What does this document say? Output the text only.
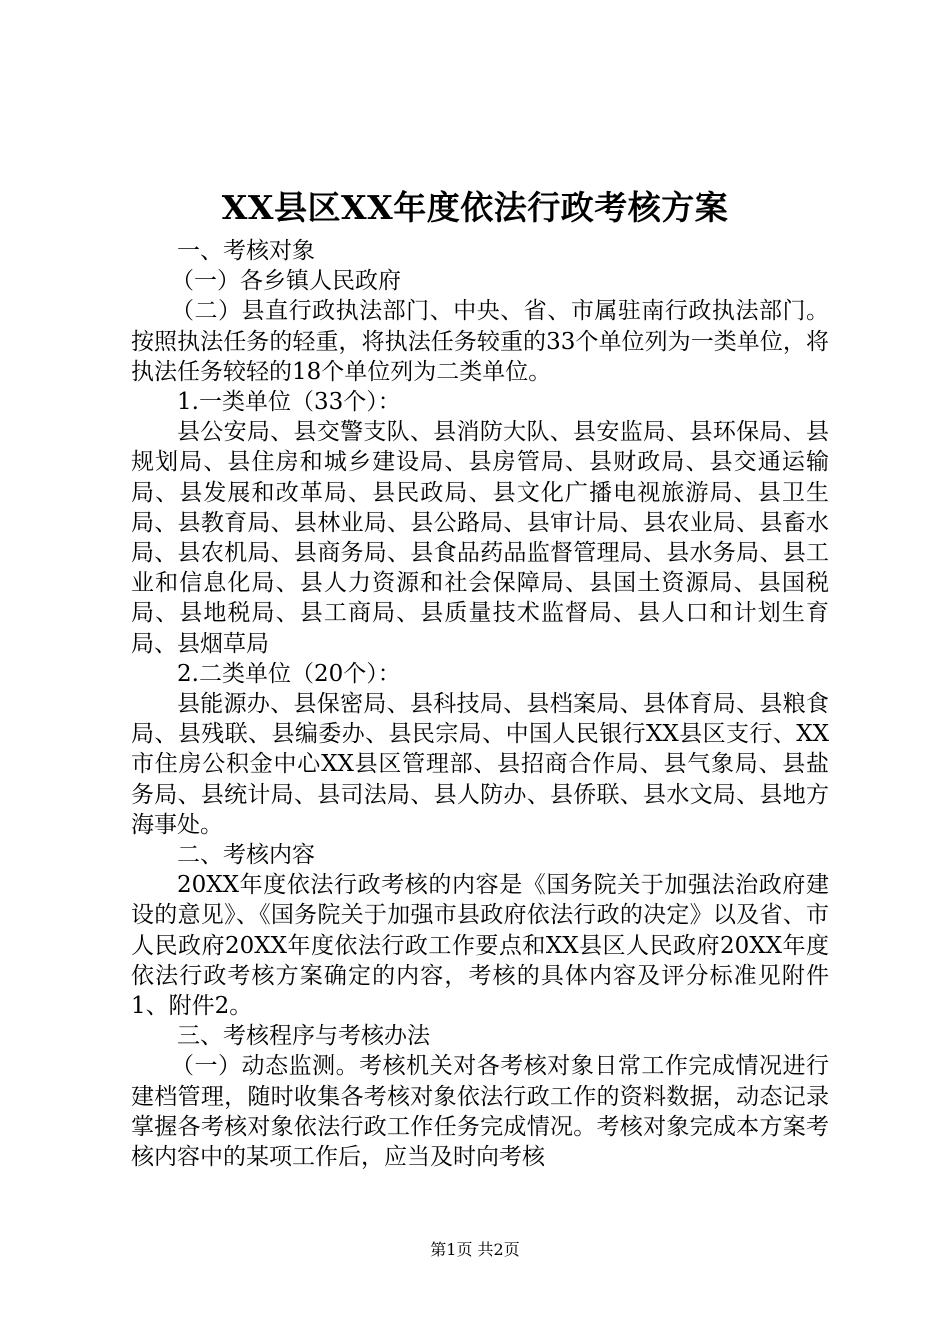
XX县区XX年度依法行政考核方案

一、考核对象

（一）各乡镇人民政府

（二）县直行政执法部门、中央、省、市属驻南行政执法部门。按照执法任务的轻重，将执法任务较重的33个单位列为一类单位，将执法任务较轻的18个单位列为二类单位。

1.一类单位（33个）：

县公安局、县交警支队、县消防大队、县安监局、县环保局、县规划局、县住房和城乡建设局、县房管局、县财政局、县交通运输局、县发展和改革局、县民政局、县文化广播电视旅游局、县卫生局、县教育局、县林业局、县公路局、县审计局、县农业局、县畜水局、县农机局、县商务局、县食品药品监督管理局、县水务局、县工业和信息化局、县人力资源和社会保障局、县国土资源局、县国税局、县地税局、县工商局、县质量技术监督局、县人口和计划生育局、县烟草局

2.二类单位（20个）：

县能源办、县保密局、县科技局、县档案局、县体育局、县粮食局、县残联、县编委办、县民宗局、中国人民银行XX县区支行、XX市住房公积金中心XX县区管理部、县招商合作局、县气象局、县盐务局、县统计局、县司法局、县人防办、县侨联、县水文局、县地方海事处。

二、考核内容

20XX年度依法行政考核的内容是《国务院关于加强法治政府建设的意见》、《国务院关于加强市县政府依法行政的决定》以及省、市人民政府20XX年度依法行政工作要点和XX县区人民政府20XX年度依法行政考核方案确定的内容，考核的具体内容及评分标准见附件1、附件2。

三、考核程序与考核办法

（一）动态监测。考核机关对各考核对象日常工作完成情况进行建档管理，随时收集各考核对象依法行政工作的资料数据，动态记录掌握各考核对象依法行政工作任务完成情况。考核对象完成本方案考核内容中的某项工作后，应当及时向考核

第1页 共2页
